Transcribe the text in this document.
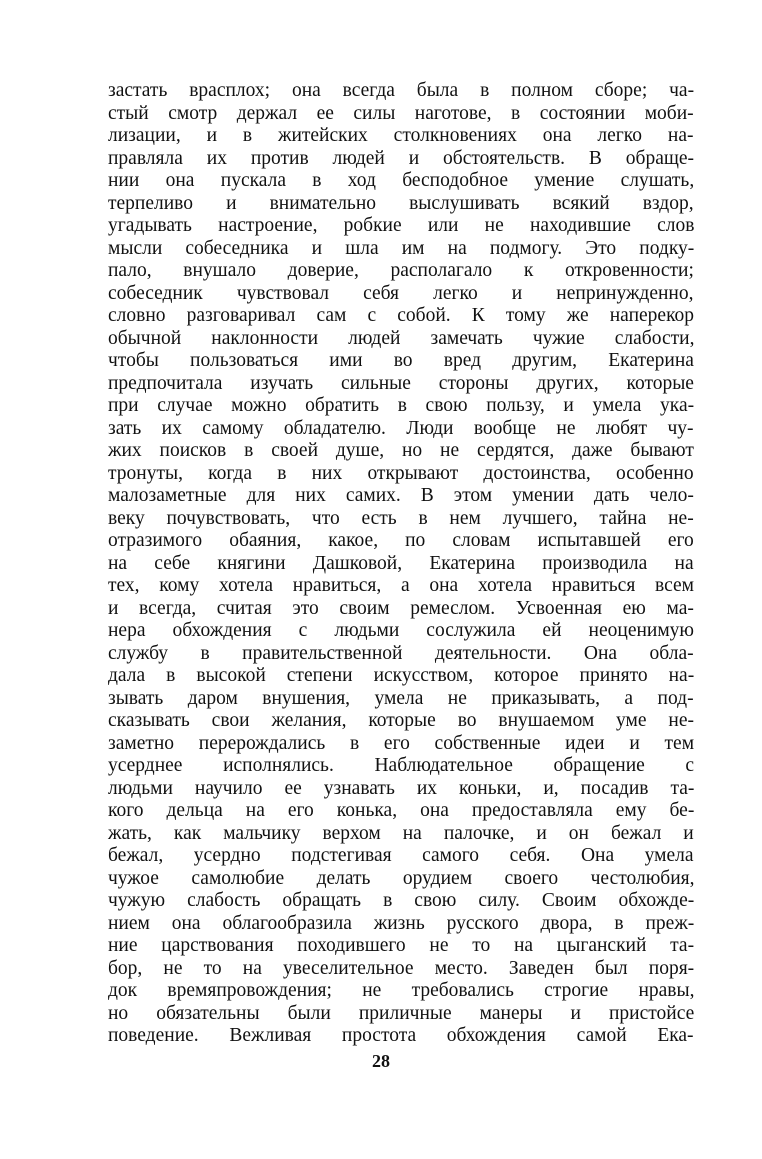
застать врасплох; она всегда была в полном сборе; ча-
стый смотр держал ее силы наготове, в состоянии моби-
лизации, и в житейских столкновениях она легко на-
правляла их против людей и обстоятельств. В обраще-
нии она пускала в ход бесподобное умение слушать,
терпеливо и внимательно выслушивать всякий вздор,
угадывать настроение, робкие или не находившие слов
мысли собеседника и шла им на подмогу. Это подку-
пало, внушало доверие, располагало к откровенности;
собеседник чувствовал себя легко и непринужденно,
словно разговаривал сам с собой. К тому же наперекор
обычной наклонности людей замечать чужие слабости,
чтобы пользоваться ими во вред другим, Екатерина
предпочитала изучать сильные стороны других, которые
при случае можно обратить в свою пользу, и умела ука-
зать их самому обладателю. Люди вообще не любят чу-
жих поисков в своей душе, но не сердятся, даже бывают
тронуты, когда в них открывают достоинства, особенно
малозаметные для них самих. В этом умении дать чело-
веку почувствовать, что есть в нем лучшего, тайна не-
отразимого обаяния, какое, по словам испытавшей его
на себе княгини Дашковой, Екатерина производила на
тех, кому хотела нравиться, а она хотела нравиться всем
и всегда, считая это своим ремеслом. Усвоенная ею ма-
нера обхождения с людьми сослужила ей неоценимую
службу в правительственной деятельности. Она обла-
дала в высокой степени искусством, которое принято на-
зывать даром внушения, умела не приказывать, а под-
сказывать свои желания, которые во внушаемом уме не-
заметно перерождались в его собственные идеи и тем
усерднее исполнялись. Наблюдательное обращение с
людьми научило ее узнавать их коньки, и, посадив та-
кого дельца на его конька, она предоставляла ему бе-
жать, как мальчику верхом на палочке, и он бежал и
бежал, усердно подстегивая самого себя. Она умела
чужое самолюбие делать орудием своего честолюбия,
чужую слабость обращать в свою силу. Своим обхожде-
нием она облагообразила жизнь русского двора, в преж-
ние царствования походившего не то на цыганский та-
бор, не то на увеселительное место. Заведен был поря-
док времяпровождения; не требовались строгие нравы,
но обязательны были приличные манеры и пристойсе
поведение. Вежливая простота обхождения самой Ека-
28
